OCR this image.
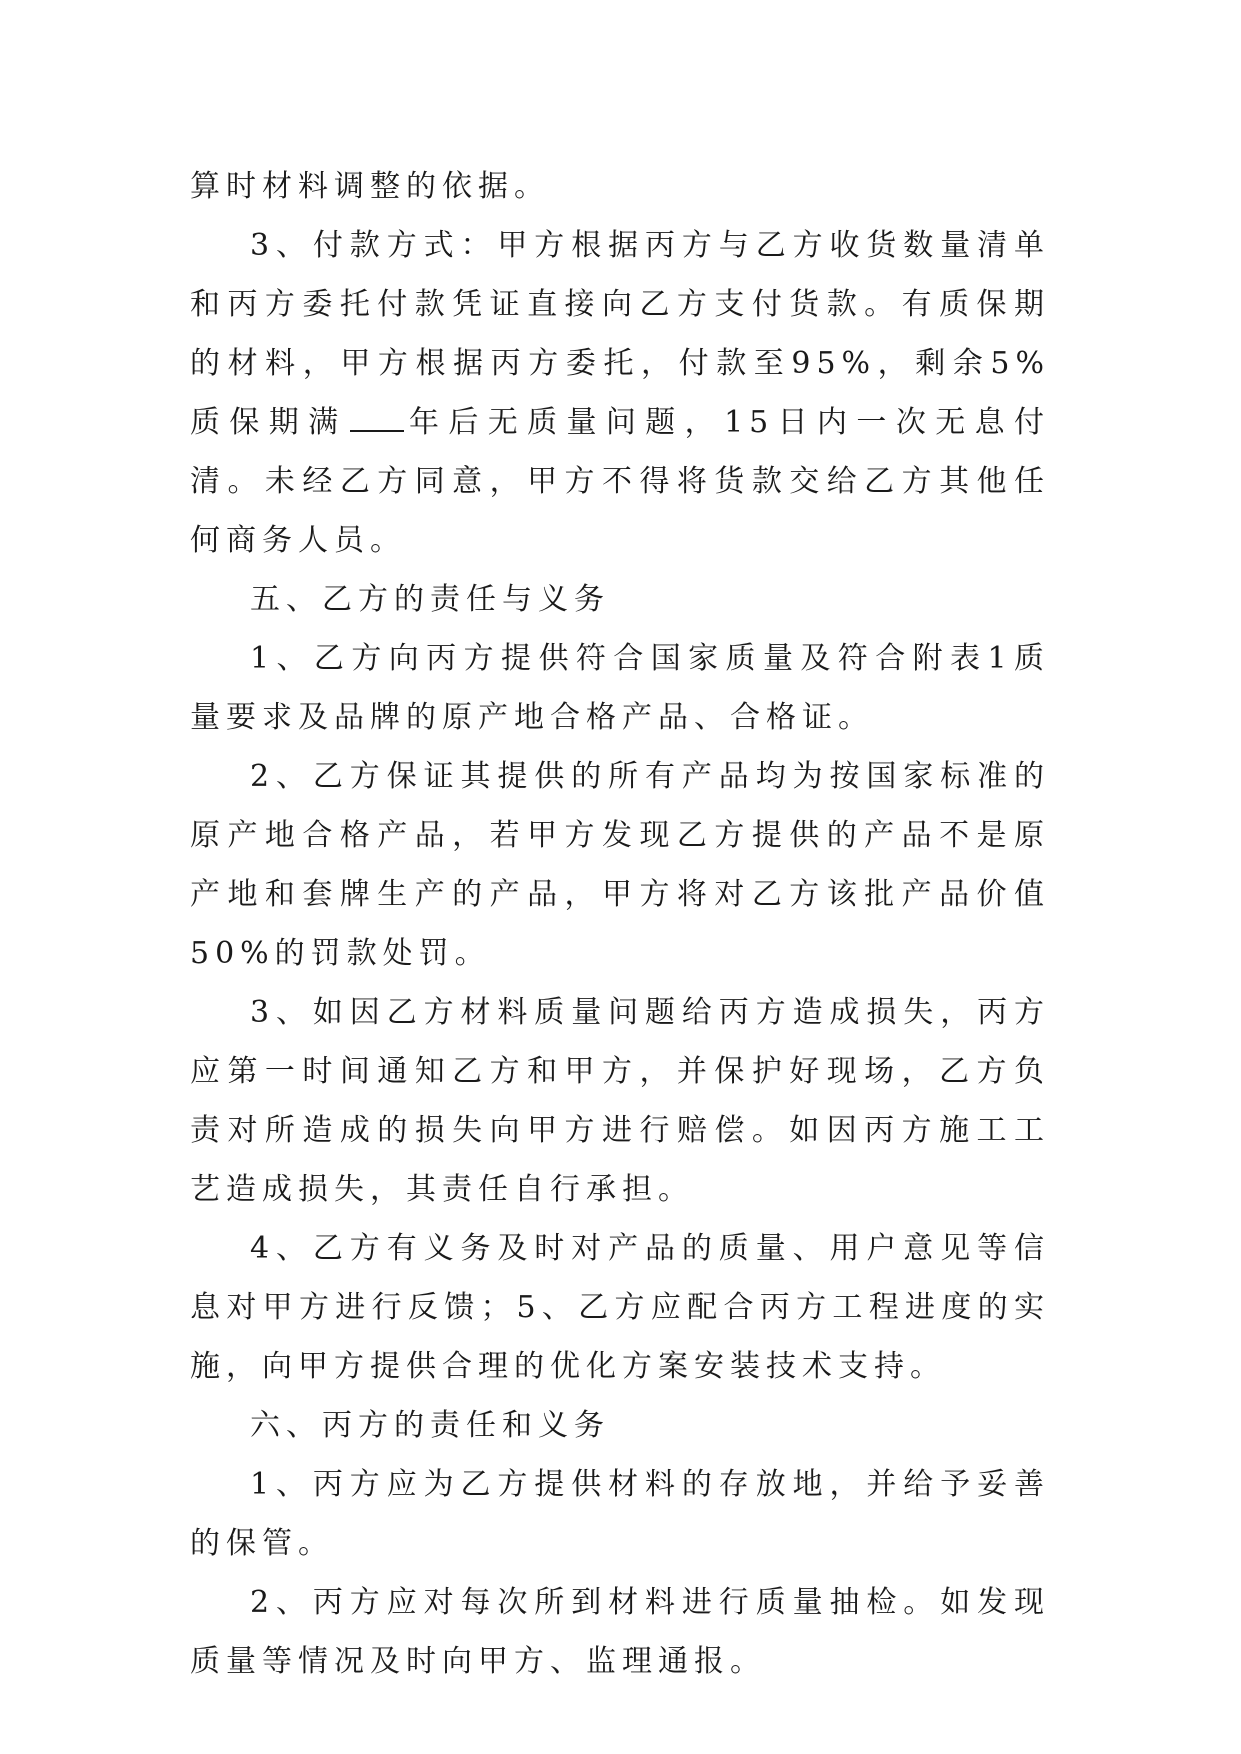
算时材料调整的依据。

3、付款方式：甲方根据丙方与乙方收货数量清单和丙方委托付款凭证直接向乙方支付货款。有质保期的材料，甲方根据丙方委托，付款至95%，剩余5%质保期满 年后无质量问题，15日内一次无息付清。未经乙方同意，甲方不得将货款交给乙方其他任何商务人员。

五、乙方的责任与义务

1、乙方向丙方提供符合国家质量及符合附表1质量要求及品牌的原产地合格产品、合格证。

2、乙方保证其提供的所有产品均为按国家标准的原产地合格产品，若甲方发现乙方提供的产品不是原产地和套牌生产的产品，甲方将对乙方该批产品价值50%的罚款处罚。

3、如因乙方材料质量问题给丙方造成损失，丙方应第一时间通知乙方和甲方，并保护好现场，乙方负责对所造成的损失向甲方进行赔偿。如因丙方施工工艺造成损失，其责任自行承担。

4、乙方有义务及时对产品的质量、用户意见等信息对甲方进行反馈；5、乙方应配合丙方工程进度的实施，向甲方提供合理的优化方案安装技术支持。

六、丙方的责任和义务

1、丙方应为乙方提供材料的存放地，并给予妥善的保管。

2、丙方应对每次所到材料进行质量抽检。如发现质量等情况及时向甲方、监理通报。
